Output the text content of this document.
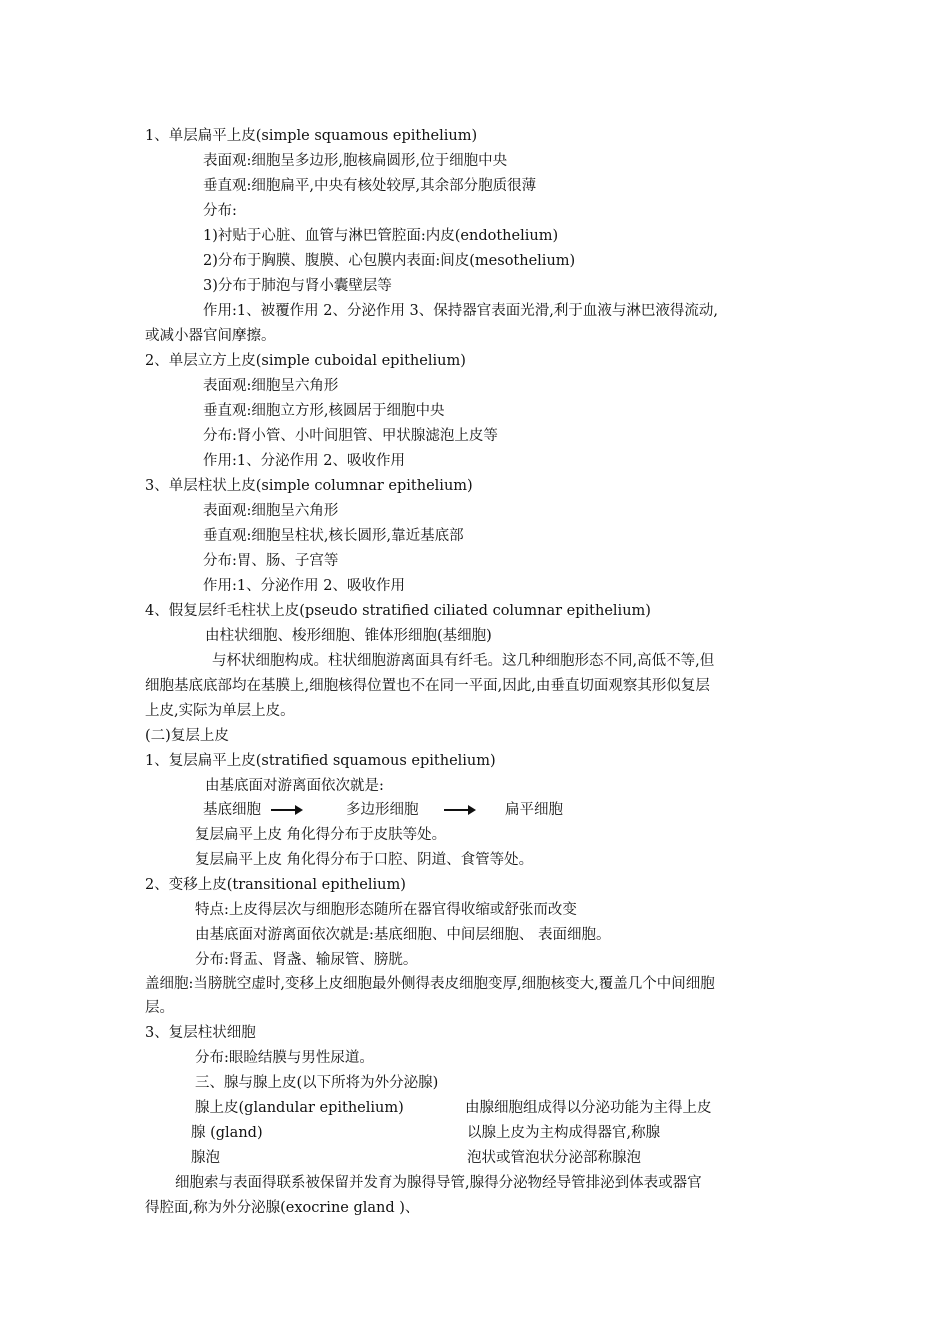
1、单层扁平上皮(simple squamous epithelium)
表面观:细胞呈多边形,胞核扁圆形,位于细胞中央
垂直观:细胞扁平,中央有核处较厚,其余部分胞质很薄
分布:
1)衬贴于心脏、血管与淋巴管腔面:内皮(endothelium)
2)分布于胸膜、腹膜、心包膜内表面:间皮(mesothelium)
3)分布于肺泡与肾小囊壁层等
作用:1、被覆作用 2、分泌作用 3、保持器官表面光滑,利于血液与淋巴液得流动,
或减小器官间摩擦。
2、单层立方上皮(simple cuboidal epithelium)
表面观:细胞呈六角形
垂直观:细胞立方形,核圆居于细胞中央
分布:肾小管、小叶间胆管、甲状腺滤泡上皮等
作用:1、分泌作用 2、吸收作用
3、单层柱状上皮(simple columnar epithelium)
表面观:细胞呈六角形
垂直观:细胞呈柱状,核长圆形,靠近基底部
分布:胃、肠、子宫等
作用:1、分泌作用 2、吸收作用
4、假复层纤毛柱状上皮(pseudo stratified ciliated columnar epithelium)
由柱状细胞、梭形细胞、锥体形细胞(基细胞)
与杯状细胞构成。柱状细胞游离面具有纤毛。这几种细胞形态不同,高低不等,但
细胞基底底部均在基膜上,细胞核得位置也不在同一平面,因此,由垂直切面观察其形似复层
上皮,实际为单层上皮。
(二)复层上皮
1、复层扁平上皮(stratified squamous epithelium)
由基底面对游离面依次就是:
基底细胞	多边形细胞	扁平细胞
复层扁平上皮 角化得分布于皮肤等处。
复层扁平上皮 角化得分布于口腔、阴道、食管等处。
2、变移上皮(transitional epithelium)
特点:上皮得层次与细胞形态随所在器官得收缩或舒张而改变
由基底面对游离面依次就是:基底细胞、中间层细胞、 表面细胞。
分布:肾盂、肾盏、输尿管、膀胱。
盖细胞:当膀胱空虚时,变移上皮细胞最外侧得表皮细胞变厚,细胞核变大,覆盖几个中间细胞
层。
3、复层柱状细胞
分布:眼睑结膜与男性尿道。
三、腺与腺上皮(以下所将为外分泌腺)
腺上皮(glandular epithelium)	由腺细胞组成得以分泌功能为主得上皮
腺 (gland)	以腺上皮为主构成得器官,称腺
腺泡	泡状或管泡状分泌部称腺泡
细胞索与表面得联系被保留并发育为腺得导管,腺得分泌物经导管排泌到体表或器官
得腔面,称为外分泌腺(exocrine gland )、
